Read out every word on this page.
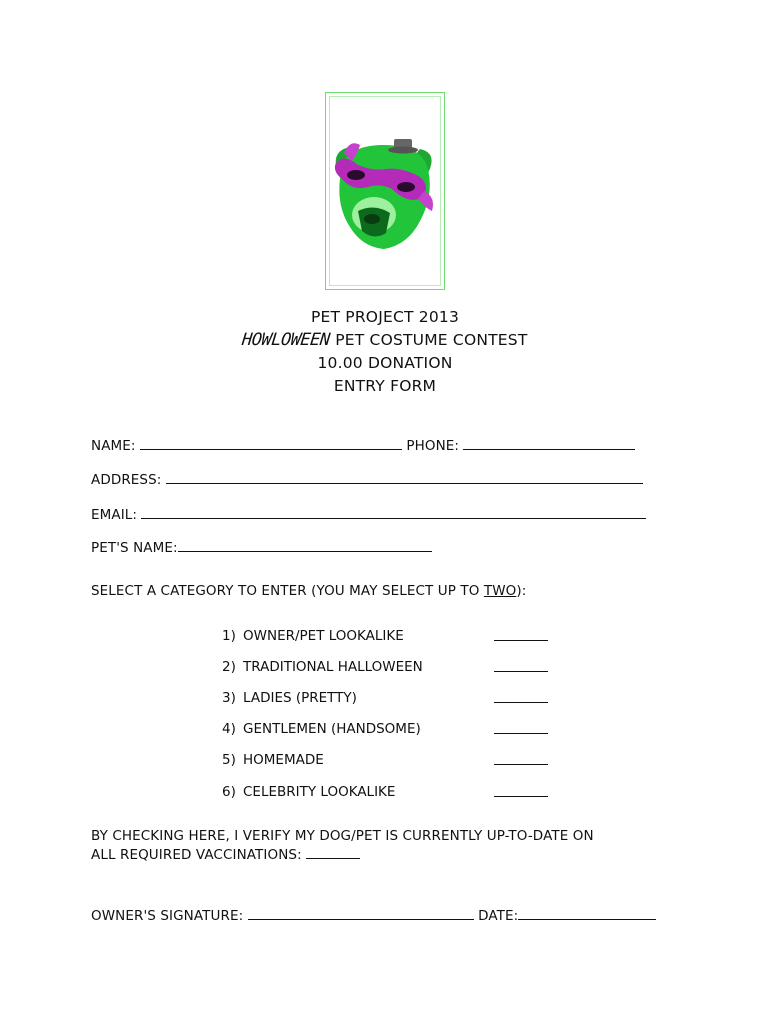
PET PROJECT 2013
HOWLOWEEN PET COSTUME CONTEST
10.00 DONATION
ENTRY FORM
NAME:	PHONE:
ADDRESS:
EMAIL:
PET'S NAME:
SELECT A CATEGORY TO ENTER (YOU MAY SELECT UP TO TWO):
1) OWNER/PET LOOKALIKE
2) TRADITIONAL HALLOWEEN
3) LADIES (PRETTY)
4) GENTLEMEN (HANDSOME)
5) HOMEMADE
6) CELEBRITY LOOKALIKE
BY CHECKING HERE, I VERIFY MY DOG/PET IS CURRENTLY UP-TO-DATE ON
ALL REQUIRED VACCINATIONS:
OWNER'S SIGNATURE:	DATE:
